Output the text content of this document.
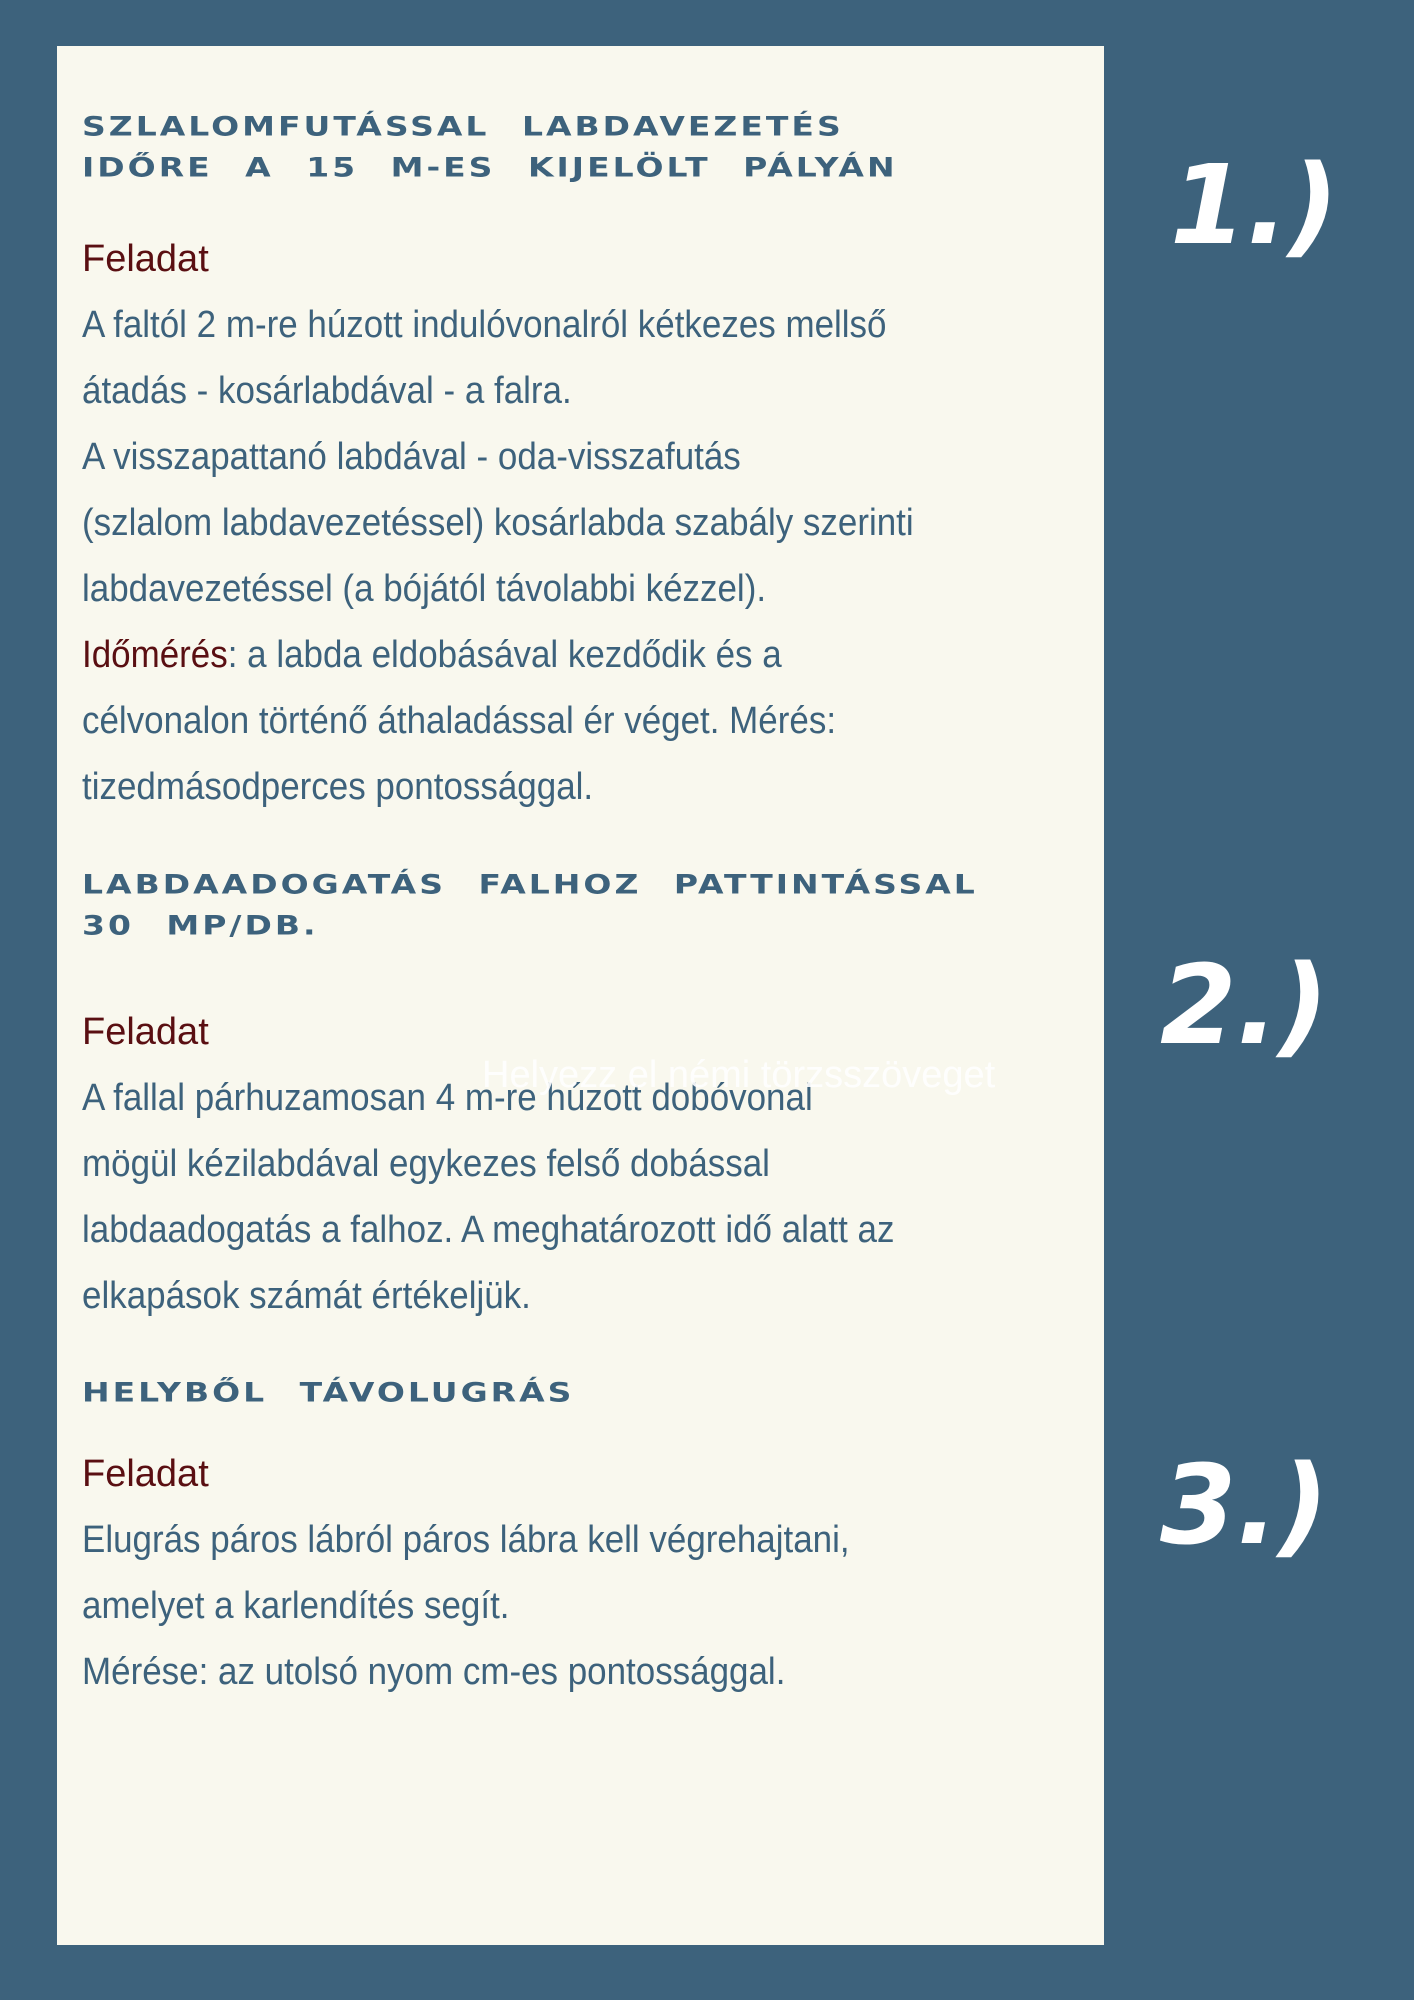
SZLALOMFUTÁSSAL LABDAVEZETÉS
IDŐRE A 15 M-ES KIJELÖLT PÁLYÁN

Feladat

A faltól 2 m-re húzott indulóvonalról kétkezes mellső
átadás - kosárlabdával - a falra.
A visszapattanó labdával - oda-visszafutás
(szlalom labdavezetéssel) kosárlabda szabály szerinti
labdavezetéssel (a bójától távolabbi kézzel).
Időmérés: a labda eldobásával kezdődik és a
célvonalon történő áthaladással ér véget. Mérés:
tizedmásodperces pontossággal.

LABDAADOGATÁS FALHOZ PATTINTÁSSAL
30 MP/DB.

Feladat

A fallal párhuzamosan 4 m-re húzott dobóvonal
mögül kézilabdával egykezes felső dobással
labdaadogatás a falhoz. A meghatározott idő alatt az
elkapások számát értékeljük.

Helyezz el némi törzsszöveget

HELYBŐL TÁVOLUGRÁS

Feladat

Elugrás páros lábról páros lábra kell végrehajtani,
amelyet a karlendítés segít.
Mérése: az utolsó nyom cm-es pontossággal.

1.)
2.)
3.)
